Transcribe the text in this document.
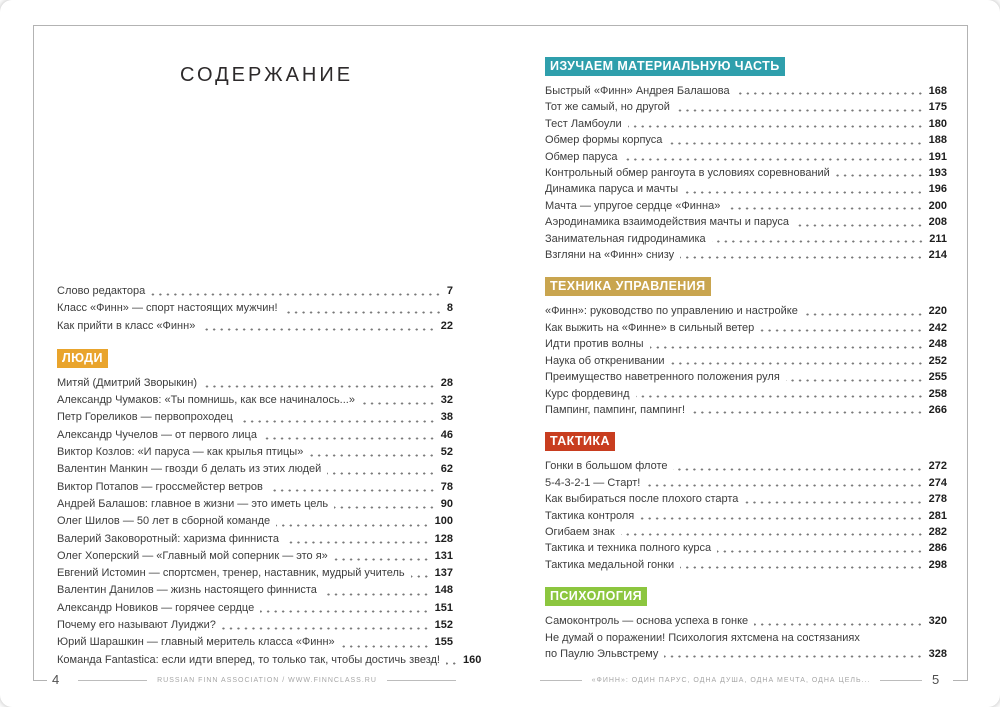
СОДЕРЖАНИЕ
Слово редактора	7
Класс «Финн» — спорт настоящих мужчин!	8
Как прийти в класс «Финн»	22
ЛЮДИ
Митяй (Дмитрий Зворыкин)	28
Александр Чумаков: «Ты помнишь, как все начиналось...»	32
Петр Гореликов — первопроходец	38
Александр Чучелов — от первого лица	46
Виктор Козлов: «И паруса — как крылья птицы»	52
Валентин Манкин — гвозди б делать из этих людей	62
Виктор Потапов — гроссмейстер ветров	78
Андрей Балашов: главное в жизни — это иметь цель	90
Олег Шилов — 50 лет в сборной команде	100
Валерий Заковоротный: харизма финниста	128
Олег Хоперский — «Главный мой соперник — это я»	131
Евгений Истомин — спортсмен, тренер, наставник, мудрый учитель	137
Валентин Данилов — жизнь настоящего финниста	148
Александр Новиков — горячее сердце	151
Почему его называют Луиджи?	152
Юрий Шарашкин — главный меритель класса «Финн»	155
Команда Fantastica: если идти вперед, то только так, чтобы достичь звезд! 160
ИЗУЧАЕМ МАТЕРИАЛЬНУЮ ЧАСТЬ
Быстрый «Финн» Андрея Балашова	168
Тот же самый, но другой	175
Тест Ламбоули	180
Обмер формы корпуса	188
Обмер паруса	191
Контрольный обмер рангоута в условиях соревнований	193
Динамика паруса и мачты	196
Мачта — упругое сердце «Финна»	200
Аэродинамика взаимодействия мачты и паруса	208
Занимательная гидродинамика	211
Взгляни на «Финн» снизу	214
ТЕХНИКА УПРАВЛЕНИЯ
«Финн»: руководство по управлению и настройке	220
Как выжить на «Финне» в сильный ветер	242
Идти против волны	248
Наука об откренивании	252
Преимущество наветренного положения руля	255
Курс фордевинд	258
Пампинг, пампинг, пампинг!	266
ТАКТИКА
Гонки в большом флоте	272
5-4-3-2-1 — Старт!	274
Как выбираться после плохого старта	278
Тактика контроля	281
Огибаем знак	282
Тактика и техника полного курса	286
Тактика медальной гонки	298
ПСИХОЛОГИЯ
Самоконтроль — основа успеха в гонке	320
Не думай о поражении! Психология яхтсмена на состязаниях
по Паулю Эльвстрему	328
4	RUSSIAN FINN ASSOCIATION / WWW.FINNCLASS.RU	«ФИНН»: ОДИН ПАРУС, ОДНА ДУША, ОДНА МЕЧТА, ОДНА ЦЕЛЬ...	5
